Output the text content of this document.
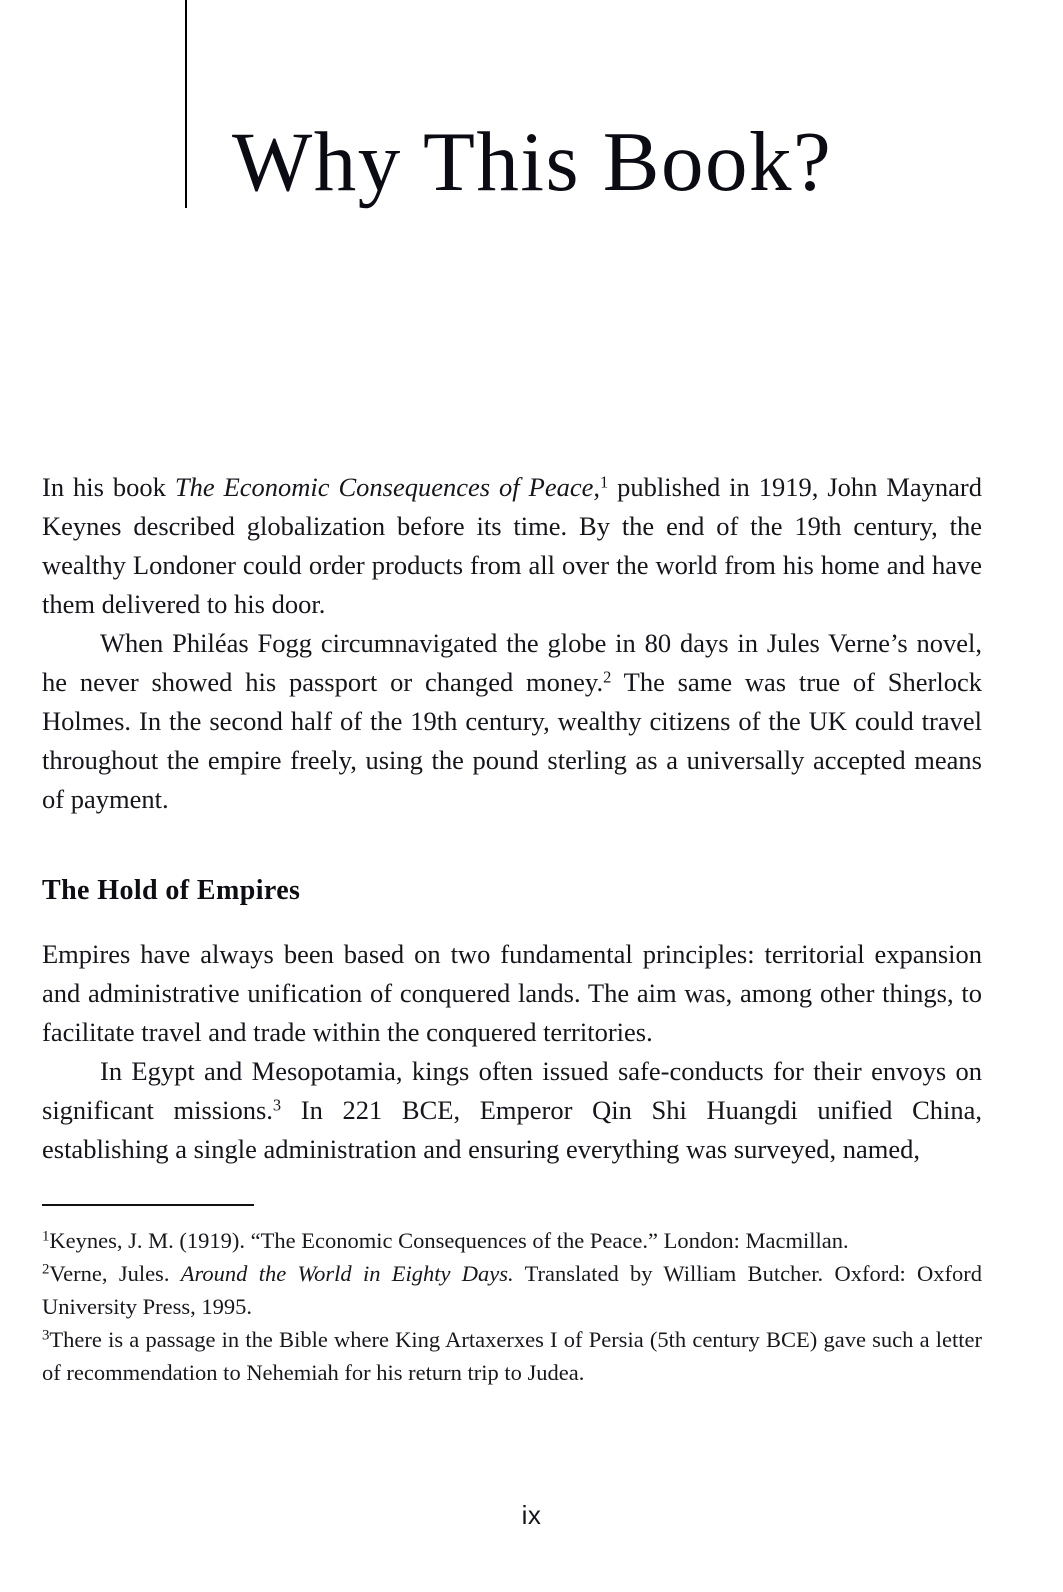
Why This Book?

In his book The Economic Consequences of Peace,$^1$ published in 1919, John Maynard Keynes described globalization before its time. By the end of the 19th century, the wealthy Londoner could order products from all over the world from his home and have them delivered to his door.

When Philéas Fogg circumnavigated the globe in 80 days in Jules Verne’s novel, he never showed his passport or changed money.$^2$ The same was true of Sherlock Holmes. In the second half of the 19th century, wealthy citizens of the UK could travel throughout the empire freely, using the pound sterling as a universally accepted means of payment.

The Hold of Empires

Empires have always been based on two fundamental principles: territorial expansion and administrative unification of conquered lands. The aim was, among other things, to facilitate travel and trade within the conquered territories.

In Egypt and Mesopotamia, kings often issued safe-conducts for their envoys on significant missions.$^3$ In 221 BCE, Emperor Qin Shi Huangdi unified China, establishing a single administration and ensuring everything was surveyed, named,

$^1$Keynes, J. M. (1919). “The Economic Consequences of the Peace.” London: Macmillan.

$^2$Verne, Jules. Around the World in Eighty Days. Translated by William Butcher. Oxford: Oxford University Press, 1995.

$^3$There is a passage in the Bible where King Artaxerxes I of Persia (5th century BCE) gave such a letter of recommendation to Nehemiah for his return trip to Judea.

ix
